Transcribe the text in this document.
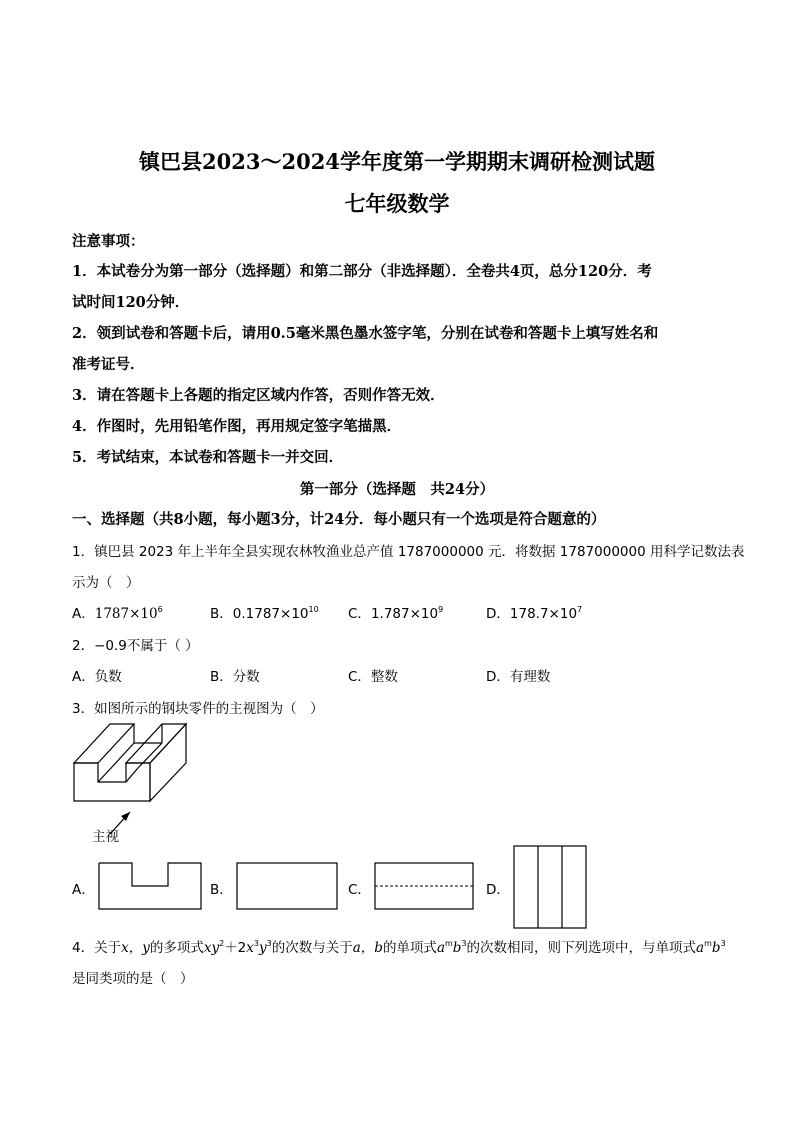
镇巴县2023～2024学年度第一学期期末调研检测试题
七年级数学
注意事项：
1．本试卷分为第一部分（选择题）和第二部分（非选择题）．全卷共4页，总分120分．考
试时间120分钟．
2．领到试卷和答题卡后，请用0.5毫米黑色墨水签字笔，分别在试卷和答题卡上填写姓名和
准考证号．
3．请在答题卡上各题的指定区域内作答，否则作答无效．
4．作图时，先用铅笔作图，再用规定签字笔描黑．
5．考试结束，本试卷和答题卡一并交回．
第一部分（选择题　共24分）
一、选择题（共8小题，每小题3分，计24分．每小题只有一个选项是符合题意的）
1．镇巴县 2023 年上半年全县实现农林牧渔业总产值 1787000000 元．将数据 1787000000 用科学记数法表
示为（　）
A．$1787\times 10^6$	B．$0.1787\times 10^{10}$ C．$1.787\times 10^9$	D．$178.7\times 10^7$
2．−0.9不属于（ ）
A．负数	B．分数	C．整数	D．有理数
3．如图所示的钢块零件的主视图为（　）
主视
A．	B．	C．	D．
4．关于x，y的多项式$xy^2+2x^3y^3$的次数与关于a，b的单项式$a^mb^3$的次数相同，则下列选项中，与单项式$a^mb^3$
是同类项的是（　）
